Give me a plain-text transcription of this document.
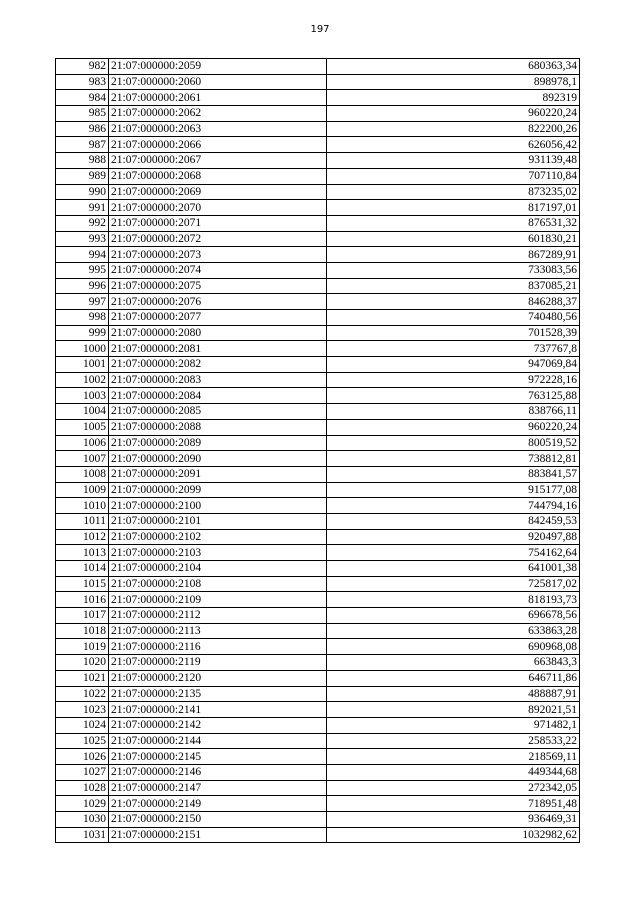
197
982	21:07:000000:2059	680363,34
983	21:07:000000:2060	898978,1
984	21:07:000000:2061	892319
985	21:07:000000:2062	960220,24
986	21:07:000000:2063	822200,26
987	21:07:000000:2066	626056,42
988	21:07:000000:2067	931139,48
989	21:07:000000:2068	707110,84
990	21:07:000000:2069	873235,02
991	21:07:000000:2070	817197,01
992	21:07:000000:2071	876531,32
993	21:07:000000:2072	601830,21
994	21:07:000000:2073	867289,91
995	21:07:000000:2074	733083,56
996	21:07:000000:2075	837085,21
997	21:07:000000:2076	846288,37
998	21:07:000000:2077	740480,56
999	21:07:000000:2080	701528,39
1000	21:07:000000:2081	737767,8
1001	21:07:000000:2082	947069,84
1002	21:07:000000:2083	972228,16
1003	21:07:000000:2084	763125,88
1004	21:07:000000:2085	838766,11
1005	21:07:000000:2088	960220,24
1006	21:07:000000:2089	800519,52
1007	21:07:000000:2090	738812,81
1008	21:07:000000:2091	883841,57
1009	21:07:000000:2099	915177,08
1010	21:07:000000:2100	744794,16
1011	21:07:000000:2101	842459,53
1012	21:07:000000:2102	920497,88
1013	21:07:000000:2103	754162,64
1014	21:07:000000:2104	641001,38
1015	21:07:000000:2108	725817,02
1016	21:07:000000:2109	818193,73
1017	21:07:000000:2112	696678,56
1018	21:07:000000:2113	633863,28
1019	21:07:000000:2116	690968,08
1020	21:07:000000:2119	663843,3
1021	21:07:000000:2120	646711,86
1022	21:07:000000:2135	488887,91
1023	21:07:000000:2141	892021,51
1024	21:07:000000:2142	971482,1
1025	21:07:000000:2144	258533,22
1026	21:07:000000:2145	218569,11
1027	21:07:000000:2146	449344,68
1028	21:07:000000:2147	272342,05
1029	21:07:000000:2149	718951,48
1030	21:07:000000:2150	936469,31
1031	21:07:000000:2151	1032982,62
